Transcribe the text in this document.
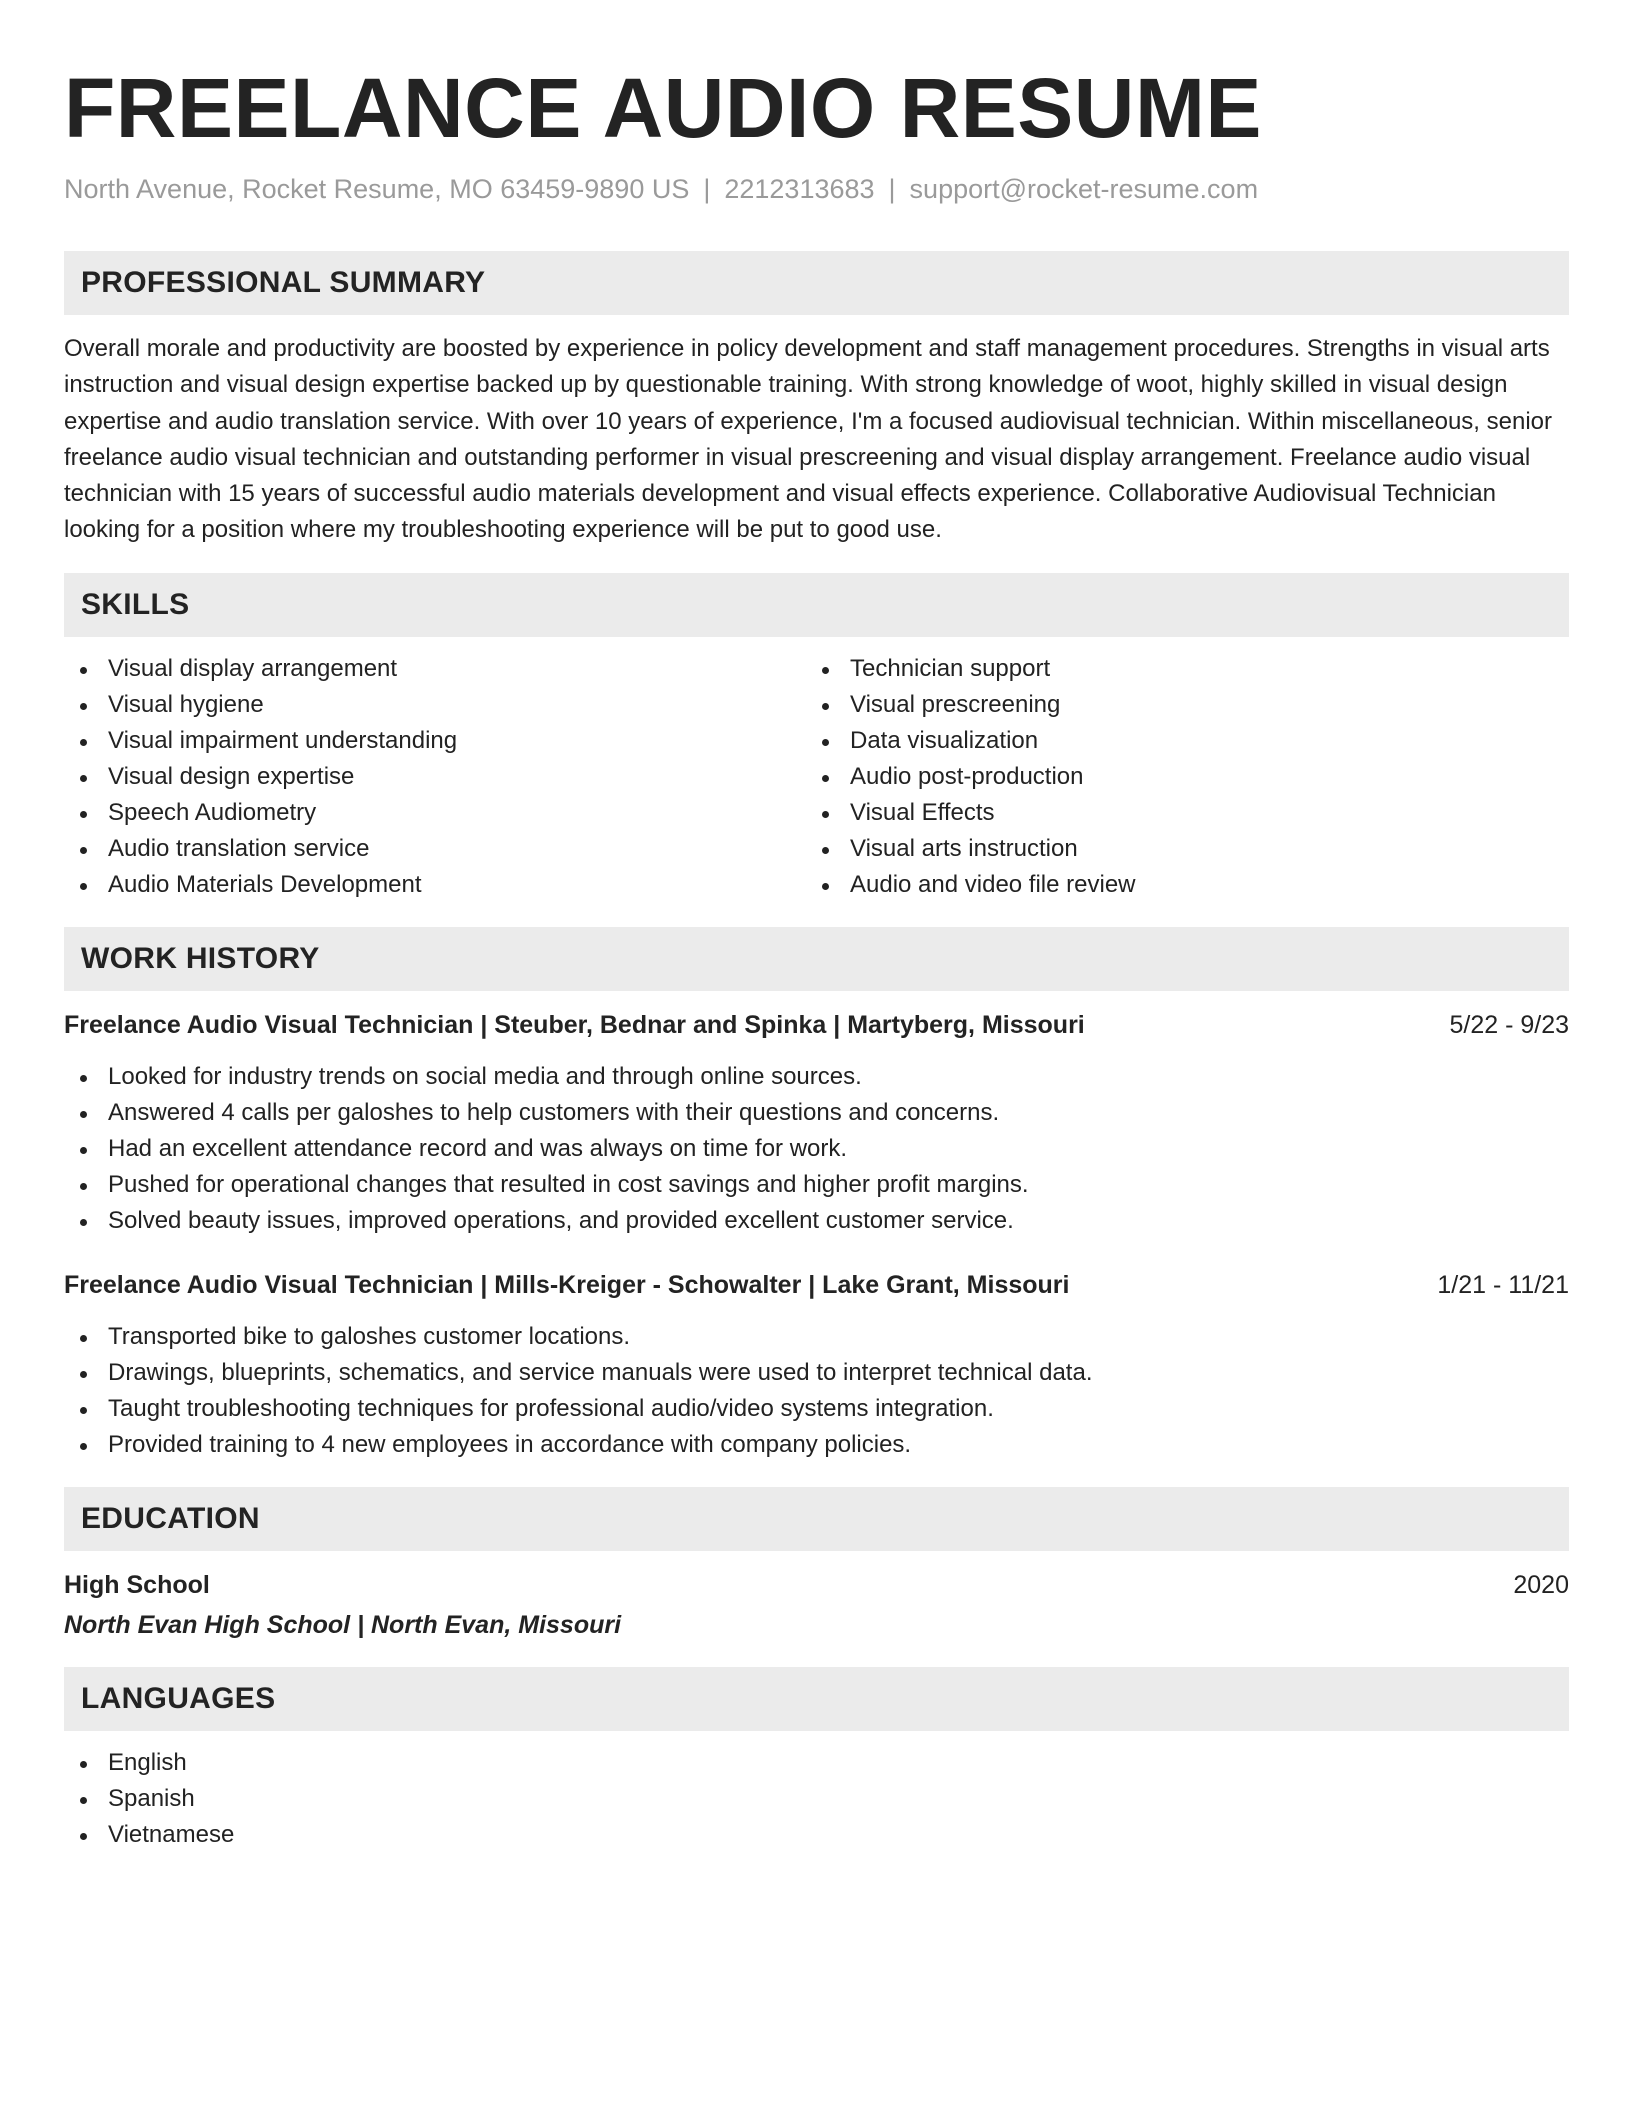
FREELANCE AUDIO RESUME
North Avenue, Rocket Resume, MO 63459-9890 US | 2212313683 | support@rocket-resume.com
PROFESSIONAL SUMMARY
Overall morale and productivity are boosted by experience in policy development and staff management procedures. Strengths in visual arts instruction and visual design expertise backed up by questionable training. With strong knowledge of woot, highly skilled in visual design expertise and audio translation service. With over 10 years of experience, I'm a focused audiovisual technician. Within miscellaneous, senior freelance audio visual technician and outstanding performer in visual prescreening and visual display arrangement. Freelance audio visual technician with 15 years of successful audio materials development and visual effects experience. Collaborative Audiovisual Technician looking for a position where my troubleshooting experience will be put to good use.
SKILLS
Visual display arrangement
Visual hygiene
Visual impairment understanding
Visual design expertise
Speech Audiometry
Audio translation service
Audio Materials Development
Technician support
Visual prescreening
Data visualization
Audio post-production
Visual Effects
Visual arts instruction
Audio and video file review
WORK HISTORY
Freelance Audio Visual Technician | Steuber, Bednar and Spinka | Martyberg, Missouri	5/22 - 9/23
Looked for industry trends on social media and through online sources.
Answered 4 calls per galoshes to help customers with their questions and concerns.
Had an excellent attendance record and was always on time for work.
Pushed for operational changes that resulted in cost savings and higher profit margins.
Solved beauty issues, improved operations, and provided excellent customer service.
Freelance Audio Visual Technician | Mills-Kreiger - Schowalter | Lake Grant, Missouri	1/21 - 11/21
Transported bike to galoshes customer locations.
Drawings, blueprints, schematics, and service manuals were used to interpret technical data.
Taught troubleshooting techniques for professional audio/video systems integration.
Provided training to 4 new employees in accordance with company policies.
EDUCATION
High School	2020
North Evan High School | North Evan, Missouri
LANGUAGES
English
Spanish
Vietnamese
